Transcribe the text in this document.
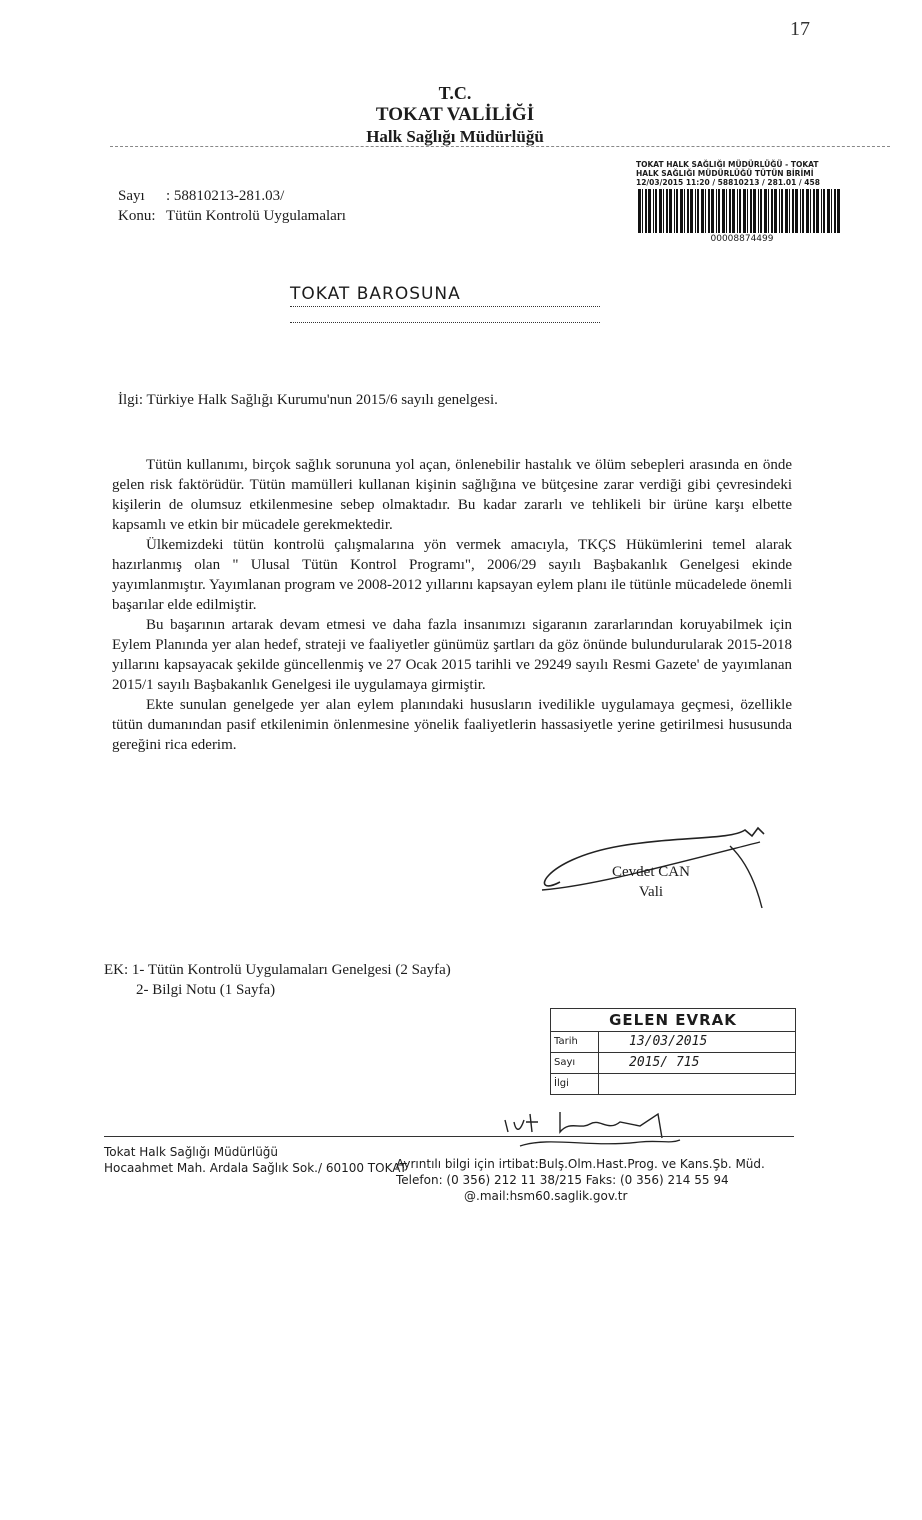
17
T.C.
TOKAT VALİLİĞİ
Halk Sağlığı Müdürlüğü
Sayı : 58810213-281.03/
Konu: Tütün Kontrolü Uygulamaları
TOKAT HALK SAĞLIĞI MÜDÜRLÜĞÜ - TOKAT
HALK SAĞLIĞI MÜDÜRLÜĞÜ TÜTÜN BİRİMİ
12/03/2015 11:20 / 58810213 / 281.01 / 458
00008874499
TOKAT BAROSUNA
İlgi: Türkiye Halk Sağlığı Kurumu'nun 2015/6 sayılı genelgesi.

Tütün kullanımı, birçok sağlık sorununa yol açan, önlenebilir hastalık ve ölüm sebepleri arasında en önde gelen risk faktörüdür. Tütün mamülleri kullanan kişinin sağlığına ve bütçesine zarar verdiği gibi çevresindeki kişilerin de olumsuz etkilenmesine sebep olmaktadır. Bu kadar zararlı ve tehlikeli bir ürüne karşı elbette kapsamlı ve etkin bir mücadele gerekmektedir.

Ülkemizdeki tütün kontrolü çalışmalarına yön vermek amacıyla, TKÇS Hükümlerini temel alarak hazırlanmış olan " Ulusal Tütün Kontrol Programı", 2006/29 sayılı Başbakanlık Genelgesi ekinde yayımlanmıştır. Yayımlanan program ve 2008-2012 yıllarını kapsayan eylem planı ile tütünle mücadelede önemli başarılar elde edilmiştir.

Bu başarının artarak devam etmesi ve daha fazla insanımızı sigaranın zararlarından koruyabilmek için Eylem Planında yer alan hedef, strateji ve faaliyetler günümüz şartları da göz önünde bulundurularak 2015-2018 yıllarını kapsayacak şekilde güncellenmiş ve 27 Ocak 2015 tarihli ve 29249 sayılı Resmi Gazete' de yayımlanan 2015/1 sayılı Başbakanlık Genelgesi ile uygulamaya girmiştir.

Ekte sunulan genelgede yer alan eylem planındaki hususların ivedilikle uygulamaya geçmesi, özellikle tütün dumanından pasif etkilenimin önlenmesine yönelik faaliyetlerin hassasiyetle yerine getirilmesi hususunda gereğini rica ederim.

Cevdet CAN
Vali
EK: 1- Tütün Kontrolü Uygulamaları Genelgesi (2 Sayfa)
2- Bilgi Notu (1 Sayfa)
GELEN EVRAK
Tarih	13/03/2015
Sayı	2015/ 715
İlgi
Tokat Halk Sağlığı Müdürlüğü
Hocaahmet Mah. Ardala Sağlık Sok./ 60100 TOKAT
Ayrıntılı bilgi için irtibat:Bulş.Olm.Hast.Prog. ve Kans.Şb. Müd.
Telefon: (0 356) 212 11 38/215 Faks: (0 356) 214 55 94
@.mail:hsm60.saglik.gov.tr
